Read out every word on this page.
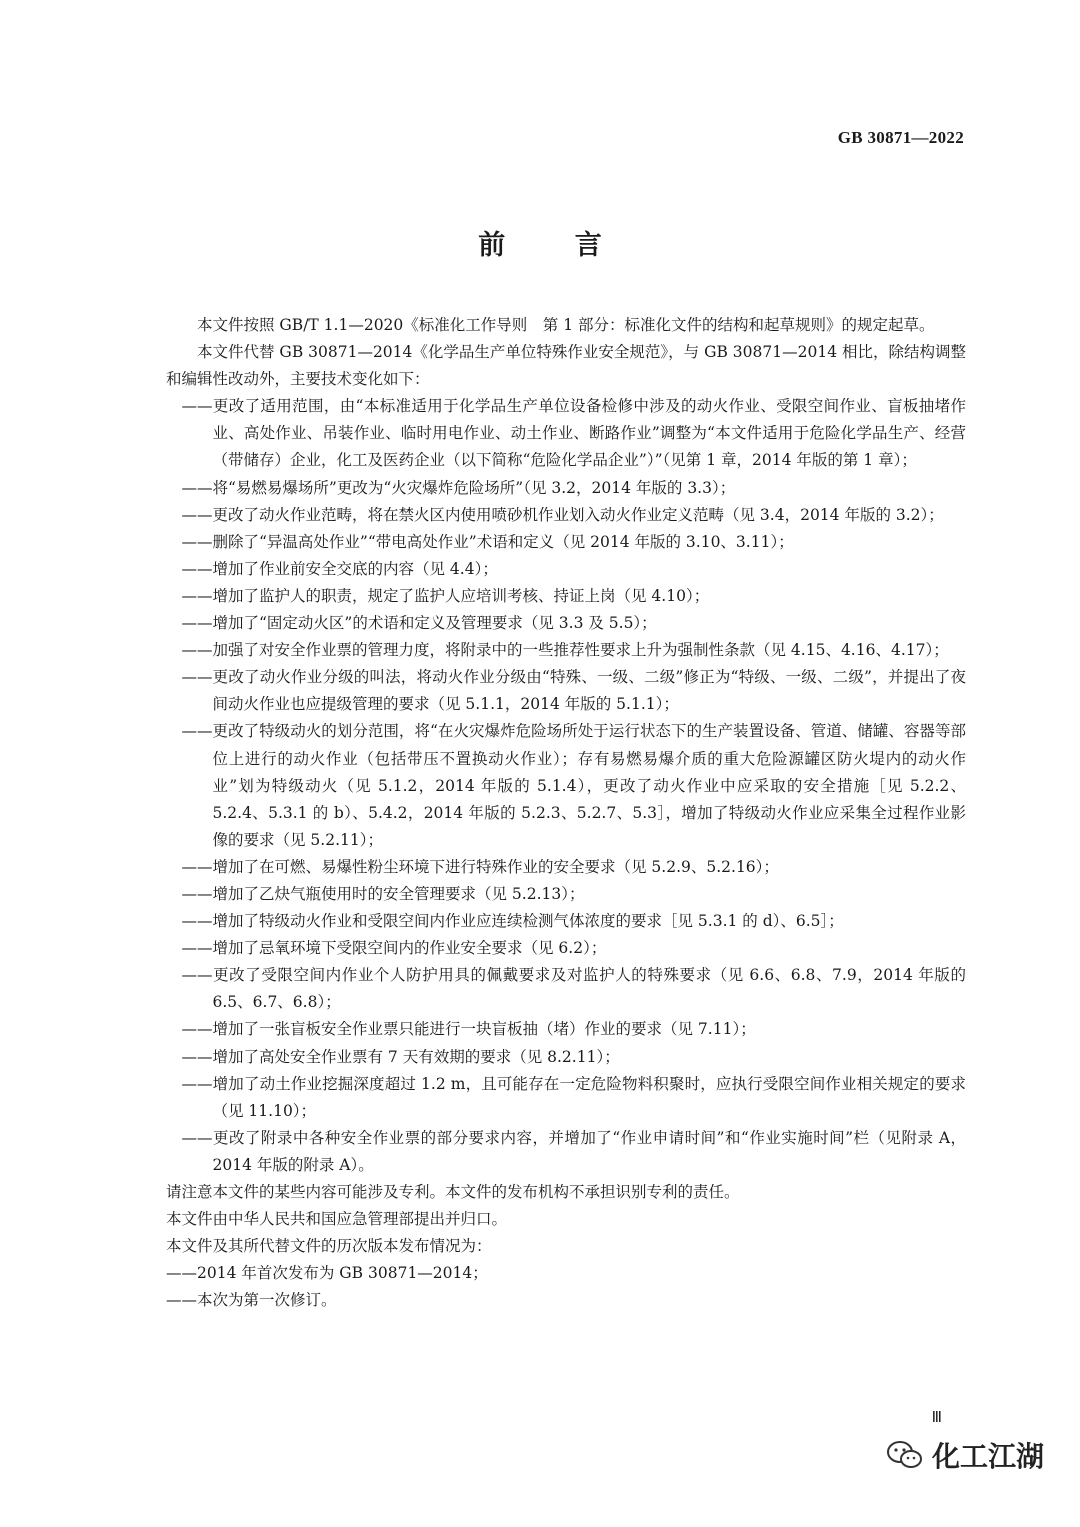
GB 30871—2022
前 言

本文件按照 GB/T 1.1—2020《标准化工作导则　第 1 部分：标准化文件的结构和起草规则》的规定起草。

本文件代替 GB 30871—2014《化学品生产单位特殊作业安全规范》，与 GB 30871—2014 相比，除结构调整和编辑性改动外，主要技术变化如下：

——更改了适用范围，由“本标准适用于化学品生产单位设备检修中涉及的动火作业、受限空间作业、盲板抽堵作业、高处作业、吊装作业、临时用电作业、动土作业、断路作业”调整为“本文件适用于危险化学品生产、经营（带储存）企业，化工及医药企业（以下简称“危险化学品企业”）”（见第 1 章，2014 年版的第 1 章）；

——将“易燃易爆场所”更改为“火灾爆炸危险场所”（见 3.2，2014 年版的 3.3）；

——更改了动火作业范畴，将在禁火区内使用喷砂机作业划入动火作业定义范畴（见 3.4，2014 年版的 3.2）；

——删除了“异温高处作业”“带电高处作业”术语和定义（见 2014 年版的 3.10、3.11）；

——增加了作业前安全交底的内容（见 4.4）；

——增加了监护人的职责，规定了监护人应培训考核、持证上岗（见 4.10）；

——增加了“固定动火区”的术语和定义及管理要求（见 3.3 及 5.5）；

——加强了对安全作业票的管理力度，将附录中的一些推荐性要求上升为强制性条款（见 4.15、4.16、4.17）；

——更改了动火作业分级的叫法，将动火作业分级由“特殊、一级、二级”修正为“特级、一级、二级”，并提出了夜间动火作业也应提级管理的要求（见 5.1.1，2014 年版的 5.1.1）；

——更改了特级动火的划分范围，将“在火灾爆炸危险场所处于运行状态下的生产装置设备、管道、储罐、容器等部位上进行的动火作业（包括带压不置换动火作业）；存有易燃易爆介质的重大危险源罐区防火堤内的动火作业”划为特级动火（见 5.1.2，2014 年版的 5.1.4），更改了动火作业中应采取的安全措施［见 5.2.2、5.2.4、5.3.1 的 b）、5.4.2，2014 年版的 5.2.3、5.2.7、5.3］，增加了特级动火作业应采集全过程作业影像的要求（见 5.2.11）；

——增加了在可燃、易爆性粉尘环境下进行特殊作业的安全要求（见 5.2.9、5.2.16）；

——增加了乙炔气瓶使用时的安全管理要求（见 5.2.13）；

——增加了特级动火作业和受限空间内作业应连续检测气体浓度的要求［见 5.3.1 的 d）、6.5］；

——增加了忌氧环境下受限空间内的作业安全要求（见 6.2）；

——更改了受限空间内作业个人防护用具的佩戴要求及对监护人的特殊要求（见 6.6、6.8、7.9，2014 年版的 6.5、6.7、6.8）；

——增加了一张盲板安全作业票只能进行一块盲板抽（堵）作业的要求（见 7.11）；

——增加了高处安全作业票有 7 天有效期的要求（见 8.2.11）；

——增加了动土作业挖掘深度超过 1.2 m，且可能存在一定危险物料积聚时，应执行受限空间作业相关规定的要求（见 11.10）；

——更改了附录中各种安全作业票的部分要求内容，并增加了“作业申请时间”和“作业实施时间”栏（见附录 A，2014 年版的附录 A）。

请注意本文件的某些内容可能涉及专利。本文件的发布机构不承担识别专利的责任。

本文件由中华人民共和国应急管理部提出并归口。

本文件及其所代替文件的历次版本发布情况为：

——2014 年首次发布为 GB 30871—2014；

——本次为第一次修订。

Ⅲ
化工江湖
